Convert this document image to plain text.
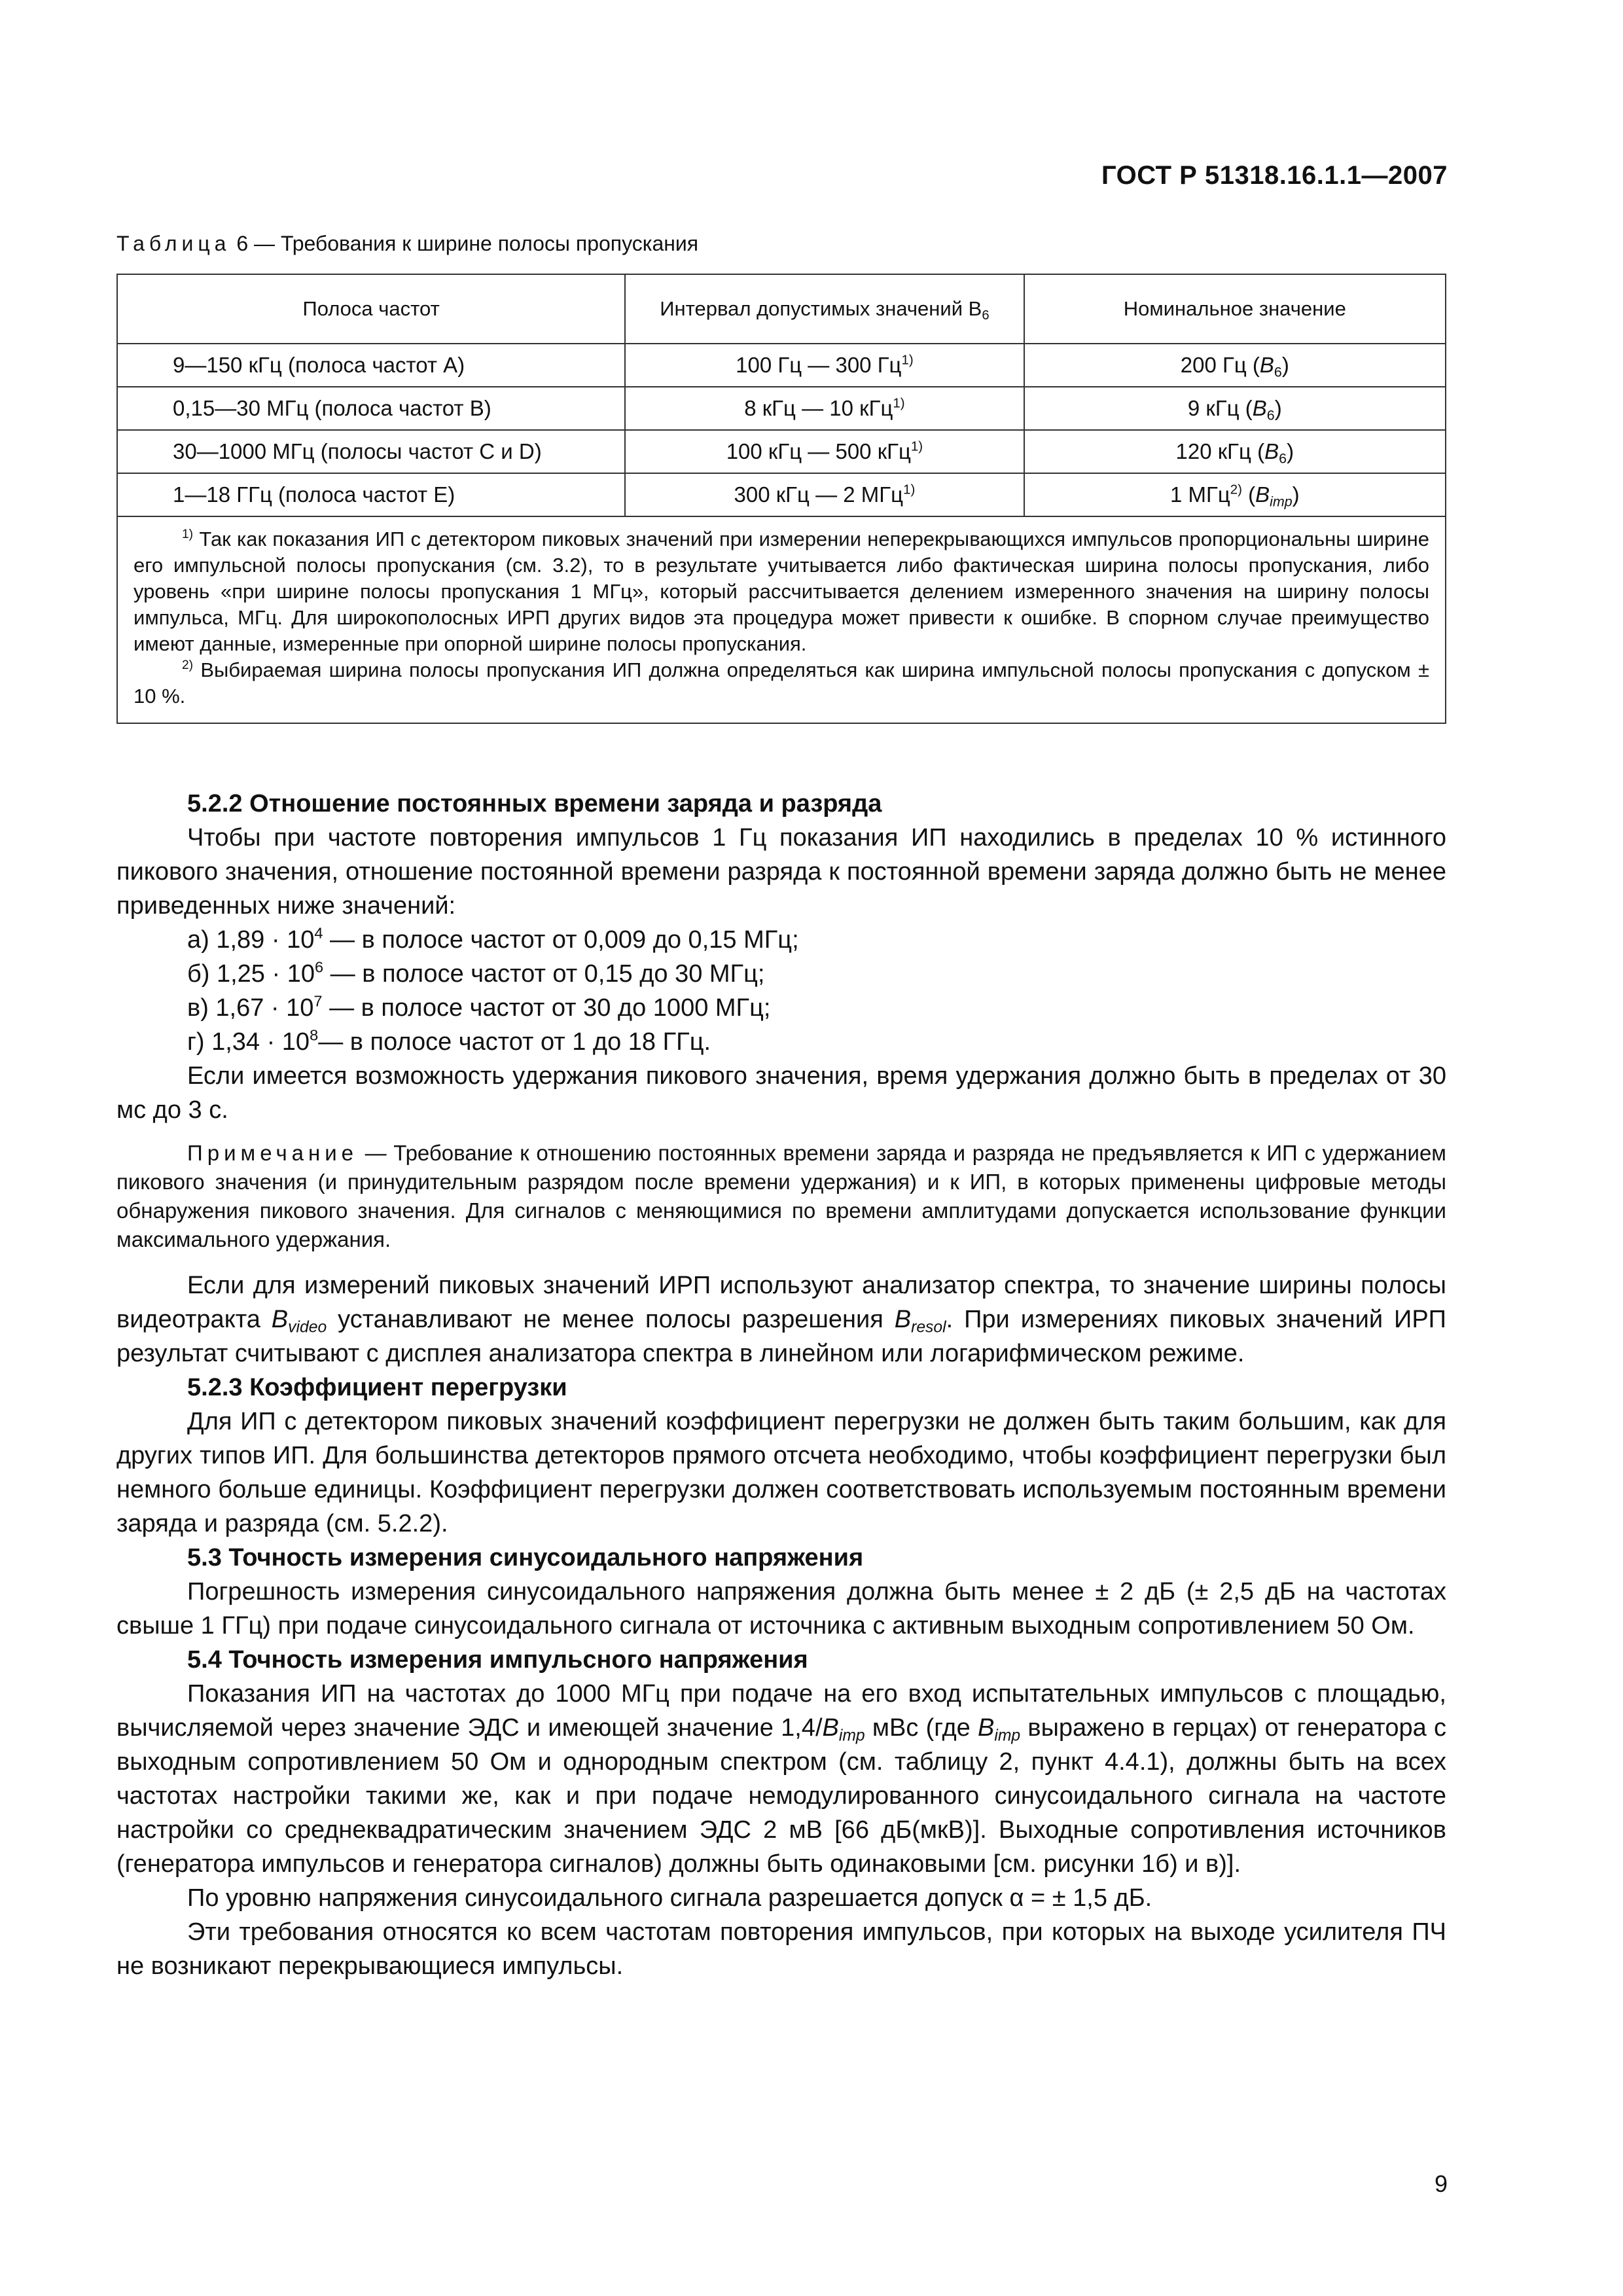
ГОСТ Р 51318.16.1.1—2007
Таблица 6 — Требования к ширине полосы пропускания
Полоса частот	Интервал допустимых значений $B_6$	Номинальное значение
9—150 кГц (полоса частот А)	100 Гц — 300 $Гц^{1)}$	200 Гц $(B_6)$
0,15—30 МГц (полоса частот В)	8 кГц — 10 кГц$^{1)}$	9 кГц $(B_6)$
30—1000 МГц (полосы частот С и D)	100 кГц — 500 кГц$^{1)}$	120 кГц $(B_6)$
1—18 ГГц (полоса частот Е)	300 кГц — 2 МГц$^{1)}$	1 МГц$^{2)}$ $(B_{imp})$

$^{1)}$ Так как показания ИП с детектором пиковых значений при измерении неперекрывающихся импульсов пропорциональны ширине его импульсной полосы пропускания (см. 3.2), то в результате учитывается либо фактическая ширина полосы пропускания, либо уровень «при ширине полосы пропускания 1 МГц», который рассчитывается делением измеренного значения на ширину полосы импульса, МГц. Для широкополосных ИРП других видов эта процедура может привести к ошибке. В спорном случае преимущество имеют данные, измеренные при опорной ширине полосы пропускания.

$^{2)}$ Выбираемая ширина полосы пропускания ИП должна определяться как ширина импульсной полосы пропускания с допуском ± 10 %.		

5.2.2 Отношение постоянных времени заряда и разряда

Чтобы при частоте повторения импульсов 1 Гц показания ИП находились в пределах 10 % истинного пикового значения, отношение постоянной времени разряда к постоянной времени заряда должно быть не менее приведенных ниже значений:

а) $1,89 \cdot 10^4$ — в полосе частот от 0,009 до 0,15 МГц;

б) $1,25 \cdot 10^6$ — в полосе частот от 0,15 до 30 МГц;

в) $1,67 \cdot 10^7$ — в полосе частот от 30 до 1000 МГц;

г) $1,34 \cdot 10^8—$ в полосе частот от 1 до 18 ГГц.

Если имеется возможность удержания пикового значения, время удержания должно быть в пределах от 30 мс до 3 с.

Примечание — Требование к отношению постоянных времени заряда и разряда не предъявляется к ИП с удержанием пикового значения (и принудительным разрядом после времени удержания) и к ИП, в которых применены цифровые методы обнаружения пикового значения. Для сигналов с меняющимися по времени амплитудами допускается использование функции максимального удержания.

Если для измерений пиковых значений ИРП используют анализатор спектра, то значение ширины полосы видеотракта $B_{video}$ устанавливают не менее полосы разрешения $B_{resol}$. При измерениях пиковых значений ИРП результат считывают с дисплея анализатора спектра в линейном или логарифмическом режиме.

5.2.3 Коэффициент перегрузки

Для ИП с детектором пиковых значений коэффициент перегрузки не должен быть таким большим, как для других типов ИП. Для большинства детекторов прямого отсчета необходимо, чтобы коэффициент перегрузки был немного больше единицы. Коэффициент перегрузки должен соответствовать используемым постоянным времени заряда и разряда (см. 5.2.2).

5.3 Точность измерения синусоидального напряжения

Погрешность измерения синусоидального напряжения должна быть менее ± 2 дБ (± 2,5 дБ на частотах свыше 1 ГГц) при подаче синусоидального сигнала от источника с активным выходным сопротивлением 50 Ом.

5.4 Точность измерения импульсного напряжения

Показания ИП на частотах до 1000 МГц при подаче на его вход испытательных импульсов с площадью, вычисляемой через значение ЭДС и имеющей значение $1,4/B_{imp}$ мВс (где $B_{imp}$ выражено в герцах) от генератора с выходным сопротивлением 50 Ом и однородным спектром (см. таблицу 2, пункт 4.4.1), должны быть на всех частотах настройки такими же, как и при подаче немодулированного синусоидального сигнала на частоте настройки со среднеквадратическим значением ЭДС 2 мВ [66 дБ(мкВ)]. Выходные сопротивления источников (генератора импульсов и генератора сигналов) должны быть одинаковыми [см. рисунки 1б) и в)].

По уровню напряжения синусоидального сигнала разрешается допуск α = ± 1,5 дБ.

Эти требования относятся ко всем частотам повторения импульсов, при которых на выходе усилителя ПЧ не возникают перекрывающиеся импульсы.

9
